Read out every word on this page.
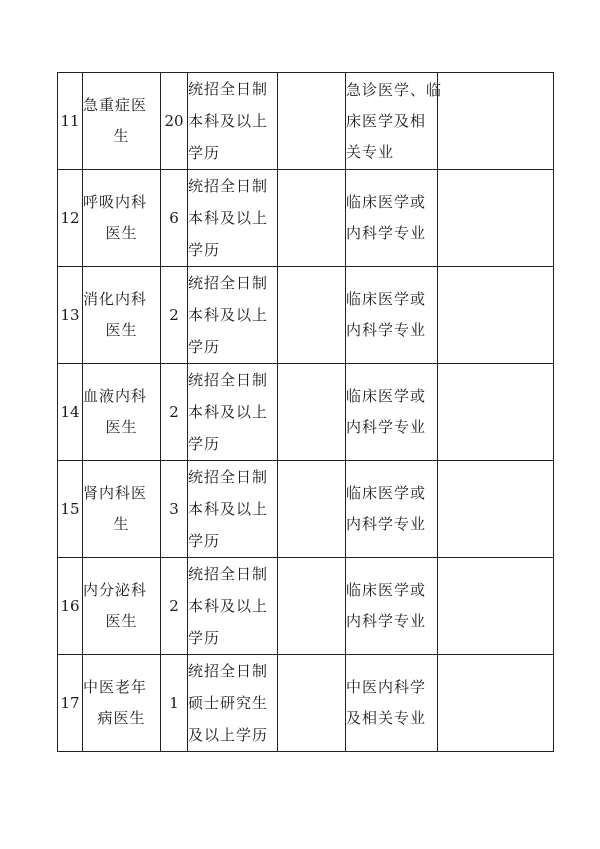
11	急重症医
生	20	统招全日制
本科及以上
学历		急诊医学、临
床医学及相
关专业	

12	呼吸内科
医生	6	统招全日制
本科及以上
学历		临床医学或
内科学专业	

13	消化内科
医生	2	统招全日制
本科及以上
学历		临床医学或
内科学专业	

14	血液内科
医生	2	统招全日制
本科及以上
学历		临床医学或
内科学专业	

15	肾内科医
生	3	统招全日制
本科及以上
学历		临床医学或
内科学专业	

16	内分泌科
医生	2	统招全日制
本科及以上
学历		临床医学或
内科学专业	

17	中医老年
病医生	1	统招全日制
硕士研究生
及以上学历		中医内科学
及相关专业	
